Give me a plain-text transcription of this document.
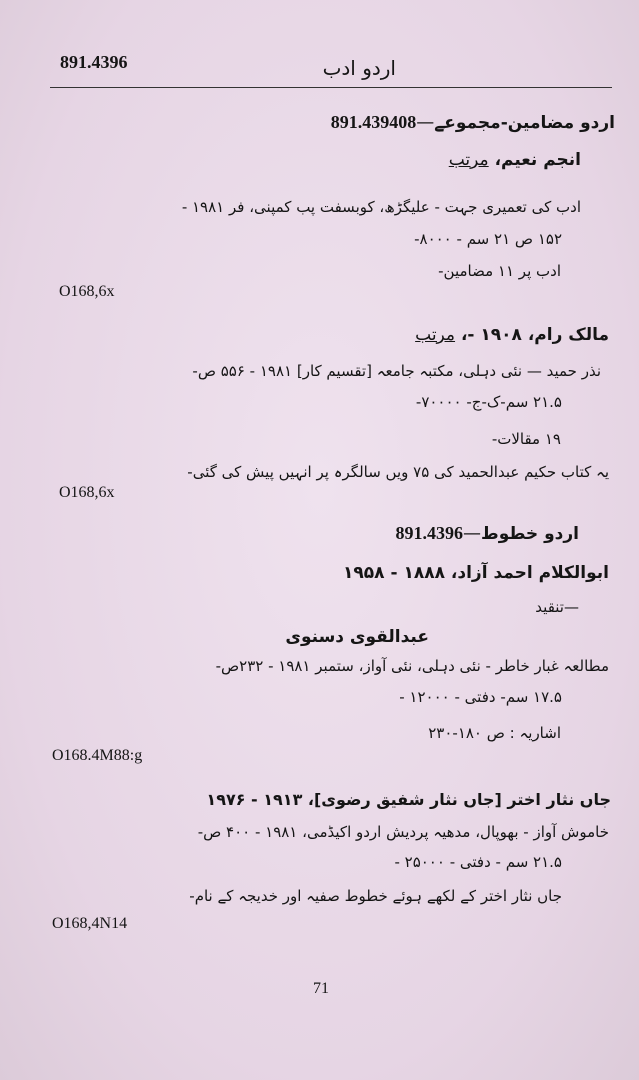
891.4396	اردو ادب
891.439408—اردو مضامین-مجموعے
انجم نعیم، مرتب
ادب کی تعمیری جہت - علیگڑھ، کوبسفت پب کمپنی، فر ۱۹۸۱ -
۱۵۲ ص ۲۱ سم - ۸۰۰۰-
ادب پر ۱۱ مضامین-
O168,6x
مالک رام، ۱۹۰۸ -، مرتب
نذر حمید — نئی دہلی، مکتبہ جامعہ [تقسیم کار] ۱۹۸۱ - ۵۵۶ ص-
۲۱.۵ سم-ک-ج- ۷۰۰۰۰-
۱۹ مقالات-
یہ کتاب حکیم عبدالحمید کی ۷۵ ویں سالگرہ پر انہیں پیش کی گئی-
O168,6x
891.4396—اردو خطوط
ابوالکلام احمد آزاد، ۱۸۸۸ - ۱۹۵۸
—تنقید
عبدالقوی دسنوی
مطالعہ غبار خاطر - نئی دہلی، نئی آواز، ستمبر ۱۹۸۱ - ۲۳۲ص-
۱۷.۵ سم- دفتی - ۱۲۰۰۰ -
اشاریہ : ص ۱۸۰-۲۳۰
O168.4M88:g
جاں نثار اختر [جاں نثار شفیق رضوی]، ۱۹۱۳ - ۱۹۷۶
خاموش آواز - بھوپال، مدھیہ پردیش اردو اکیڈمی، ۱۹۸۱ - ۴۰۰ ص-
۲۱.۵ سم - دفتی - ۲۵۰۰۰ -
جاں نثار اختر کے لکھے ہوئے خطوط صفیہ اور خدیجہ کے نام-
O168,4N14
71
